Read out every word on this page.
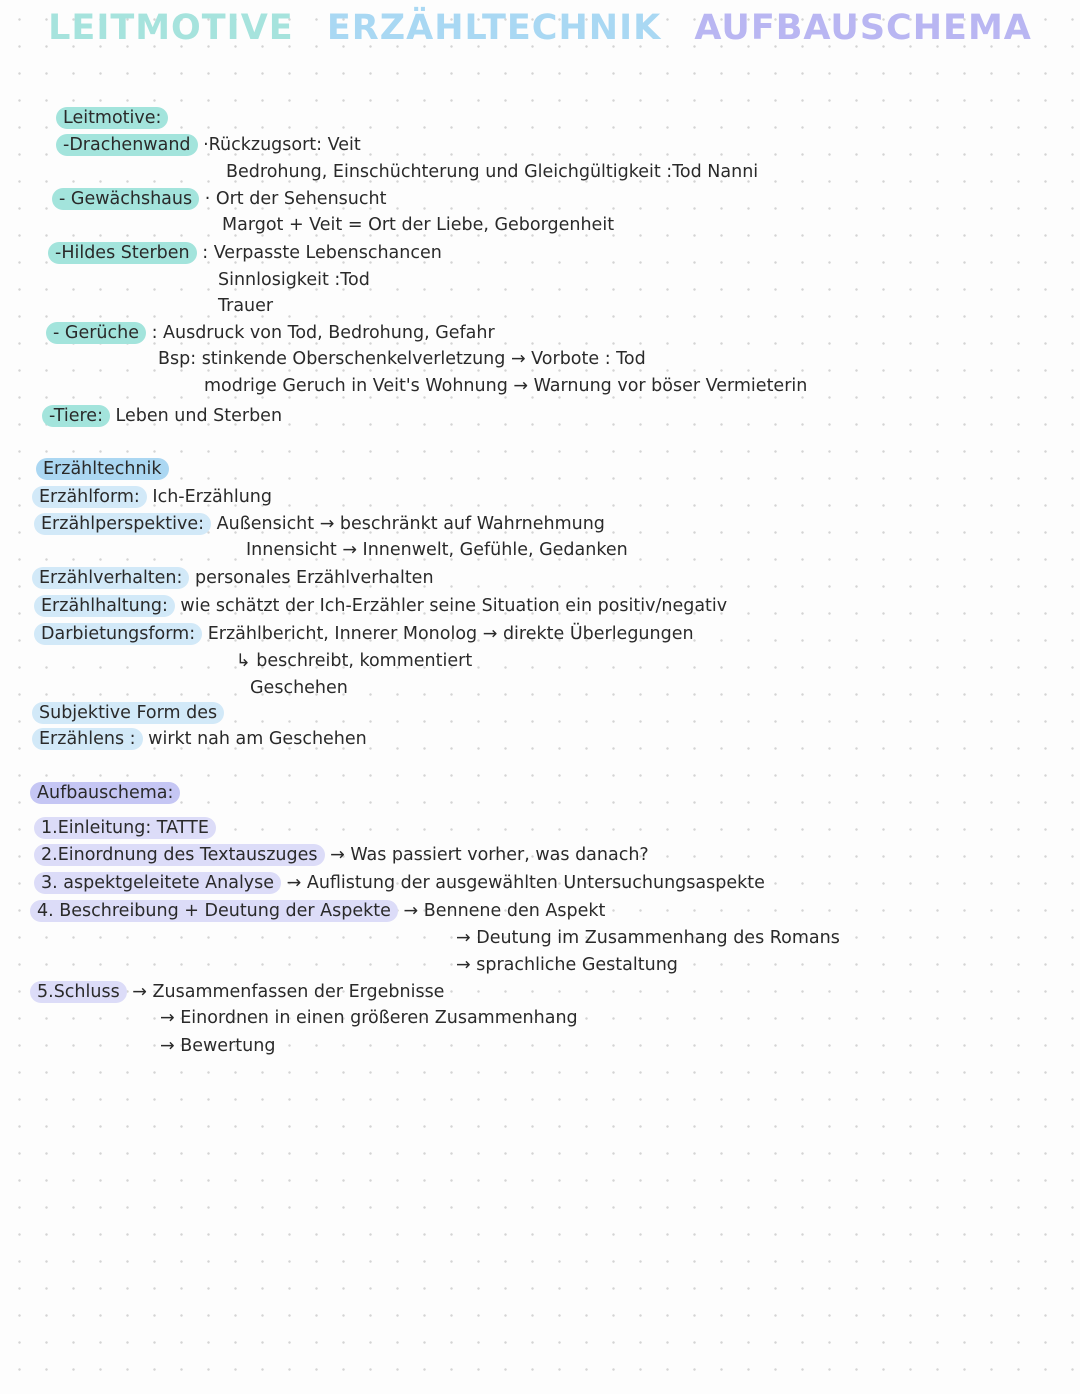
LEITMOTIVE ERZÄHLTECHNIK AUFBAUSCHEMA
Leitmotive:
-Drachenwand ·Rückzugsort: Veit
Bedrohung, Einschüchterung und Gleichgültigkeit :Tod Nanni
- Gewächshaus · Ort der Sehensucht
Margot + Veit = Ort der Liebe, Geborgenheit
-Hildes Sterben : Verpasste Lebenschancen
Sinnlosigkeit :Tod
Trauer
- Gerüche : Ausdruck von Tod, Bedrohung, Gefahr
Bsp: stinkende Oberschenkelverletzung → Vorbote : Tod
modrige Geruch in Veit's Wohnung → Warnung vor böser Vermieterin
-Tiere: Leben und Sterben
Erzähltechnik
Erzählform: Ich-Erzählung
Erzählperspektive: Außensicht → beschränkt auf Wahrnehmung
Innensicht → Innenwelt, Gefühle, Gedanken
Erzählverhalten: personales Erzählverhalten
Erzählhaltung: wie schätzt der Ich-Erzähler seine Situation ein positiv/negativ
Darbietungsform: Erzählbericht, Innerer Monolog → direkte Überlegungen
↳ beschreibt, kommentiert
Geschehen
Subjektive Form des
Erzählens : wirkt nah am Geschehen
Aufbauschema:
1.Einleitung: TATTE
2.Einordnung des Textauszuges → Was passiert vorher, was danach?
3. aspektgeleitete Analyse → Auflistung der ausgewählten Untersuchungsaspekte
4. Beschreibung + Deutung der Aspekte → Bennene den Aspekt
→ Deutung im Zusammenhang des Romans
→ sprachliche Gestaltung
5.Schluss → Zusammenfassen der Ergebnisse
→ Einordnen in einen größeren Zusammenhang
→ Bewertung
